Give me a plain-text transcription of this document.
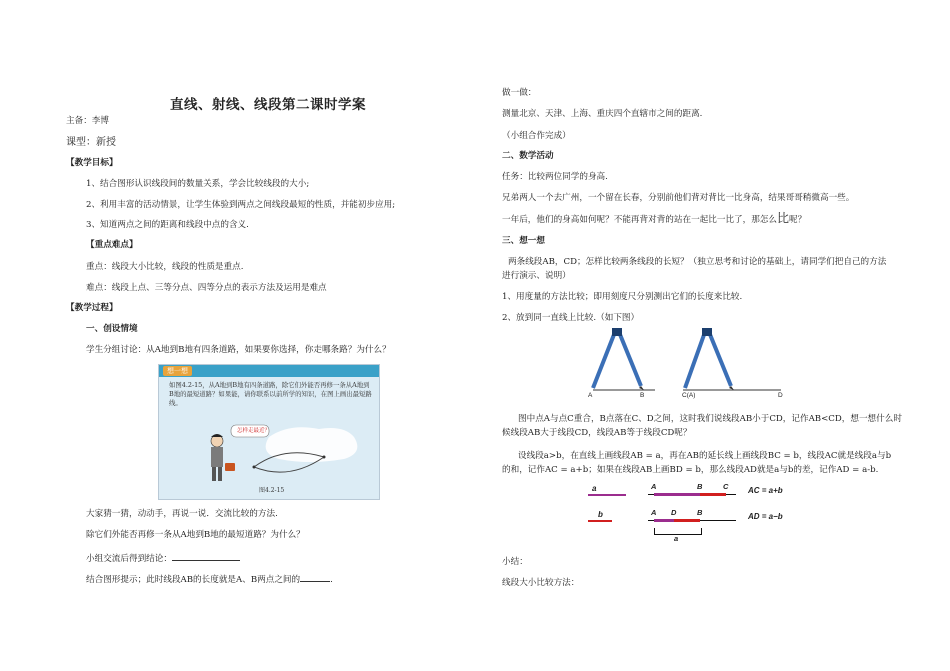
直线、射线、线段第二课时学案
主备：李博
课型：新授
【教学目标】
1、结合图形认识线段间的数量关系，学会比较线段的大小;
2、利用丰富的活动情景，让学生体验到两点之间线段最短的性质，并能初步应用;
3、知道两点之间的距离和线段中点的含义.
【重点难点】
重点：线段大小比较，线段的性质是重点.
难点：线段上点、三等分点、四等分点的表示方法及运用是难点
【教学过程】
一、创设情境
学生分组讨论：从A地到B地有四条道路，如果要你选择，你走哪条路？为什么？
想一想
如图4.2-15，从A地到B地有四条道路，除它们外能否再修一条从A地到B地的最短道路？如果能，请你联系以前所学的知识，在图上画出最短路线。
怎样走最近？
图4.2-15
大家猜一猜，动动手，再说一说．交流比较的方法.
除它们外能否再修一条从A地到B地的最短道路？为什么？
小组交流后得到结论：
结合图形提示；此时线段AB的长度就是A、B两点之间的	.
做一做：
测量北京、天津、上海、重庆四个直辖市之间的距离.
（小组合作完成）
二、数学活动
任务：比较两位同学的身高.
兄弟两人一个去广州，一个留在长春，分别前他们背对背比一比身高，结果哥哥稍微高一些。
一年后，他们的身高如何呢？不能再背对背的站在一起比一比了，那怎么比呢？
三、想一想
两条线段AB，CD；怎样比较两条线段的长短？（独立思考和讨论的基础上，请同学们把自己的方法
进行演示、说明）
1、用度量的方法比较；即用刻度尺分别测出它们的长度来比较.
2、放到同一直线上比较.（如下图）
A	B	C(A)	D
图中点A与点C重合，B点落在C、D之间，这时我们说线段AB小于CD，记作AB<CD，想一想什么时
候线段AB大于线段CD，线段AB等于线段CD呢？
设线段a>b，在直线上画线段AB = a，再在AB的延长线上画线段BC = b，线段AC就是线段a与b
的和，记作AC = a+b；如果在线段AB上画BD = b，那么线段AD就是a与b的差，记作AD = a-b.
a
b
A	B	C AC = a+b
A D	B
a
AD = a−b
小结：
线段大小比较方法：
